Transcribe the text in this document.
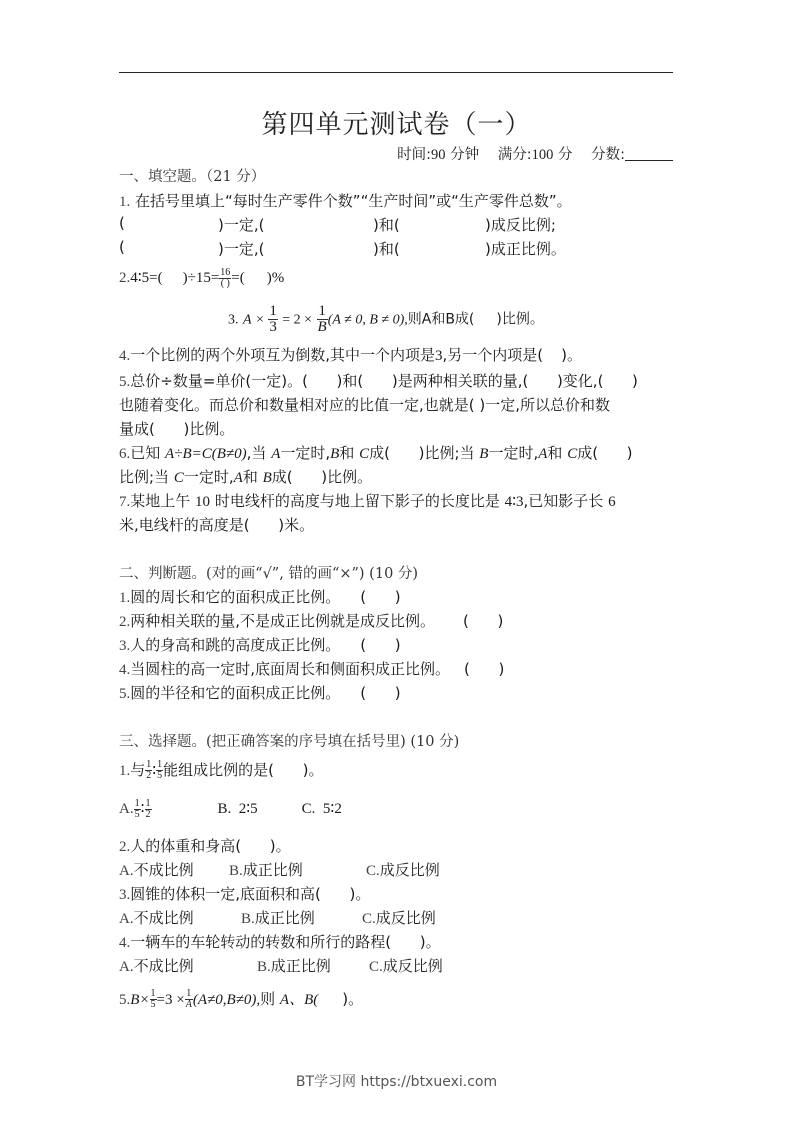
第四单元测试卷（一）
时间:90 分钟 满分:100 分 分数:
一、填空题。（21 分）
1. 在括号里填上“每时生产零件个数”“生产时间”或“生产零件总数”。
(	)一定,(	)和(	)成反比例;
(	)一定,(	)和(	)成正比例。
2.4∶5=( )$\div 15= \frac{16}{( )}$ =( )%
3. $A \times \frac{1}{3} = 2 \times \frac{1}{B} (A \ne 0$, B ≠ 0),则A和B成( )比例。
4.一个比例的两个外项互为倒数,其中一个内项是3,另一个内项是( )。
5.总价÷数量=单价(一定)。(      )和(      )是两种相关联的量,(      )变化,(      )
也随着变化。而总价和数量相对应的比值一定,也就是( )一定,所以总价和数
量成(      )比例。
6.已知 A÷B=C(B≠0),当 A一定时,B和 C成(      )比例;当 B一定时,A和 C成(      )
比例;当 C一定时,A和 B成(      )比例。
7.某地上午 10 时电线杆的高度与地上留下影子的长度比是 4∶3,已知影子长 6
米,电线杆的高度是(      )米。
二、判断题。(对的画“√”, 错的画“×”) (10 分)
1.圆的周长和它的面积成正比例。 (      )
2.两种相关联的量,不是成正比例就是成反比例。 (      )
3.人的身高和跳的高度成正比例。 (      )
4.当圆柱的高一定时,底面周长和侧面积成正比例。 (      )
5.圆的半径和它的面积成正比例。 (      )
三、选择题。(把正确答案的序号填在括号里) (10 分)
1.与 $\frac{1}{2}$ ∶ $\frac{1}{5}$ 能组成比例的是(      )。
A. $\frac{1}{5}$ ∶ $\frac{1}{2}$	B.  2∶5	C.  5∶2
2.人的体重和身高(      )。
A.不成比例 B.成正比例	C.成反比例
3.圆锥的体积一定,底面积和高(      )。
A.不成比例	B.成正比例	C.成反比例
4.一辆车的车轮转动的转数和所行的路程(      )。
A.不成比例	B.成正比例	C.成反比例
$5.B\times \frac{1}{5} =3 \times \frac{1}{A} (A\ne 0,B\ne 0)$,则 A、B( )。
BT学习网 https://btxuexi.com
